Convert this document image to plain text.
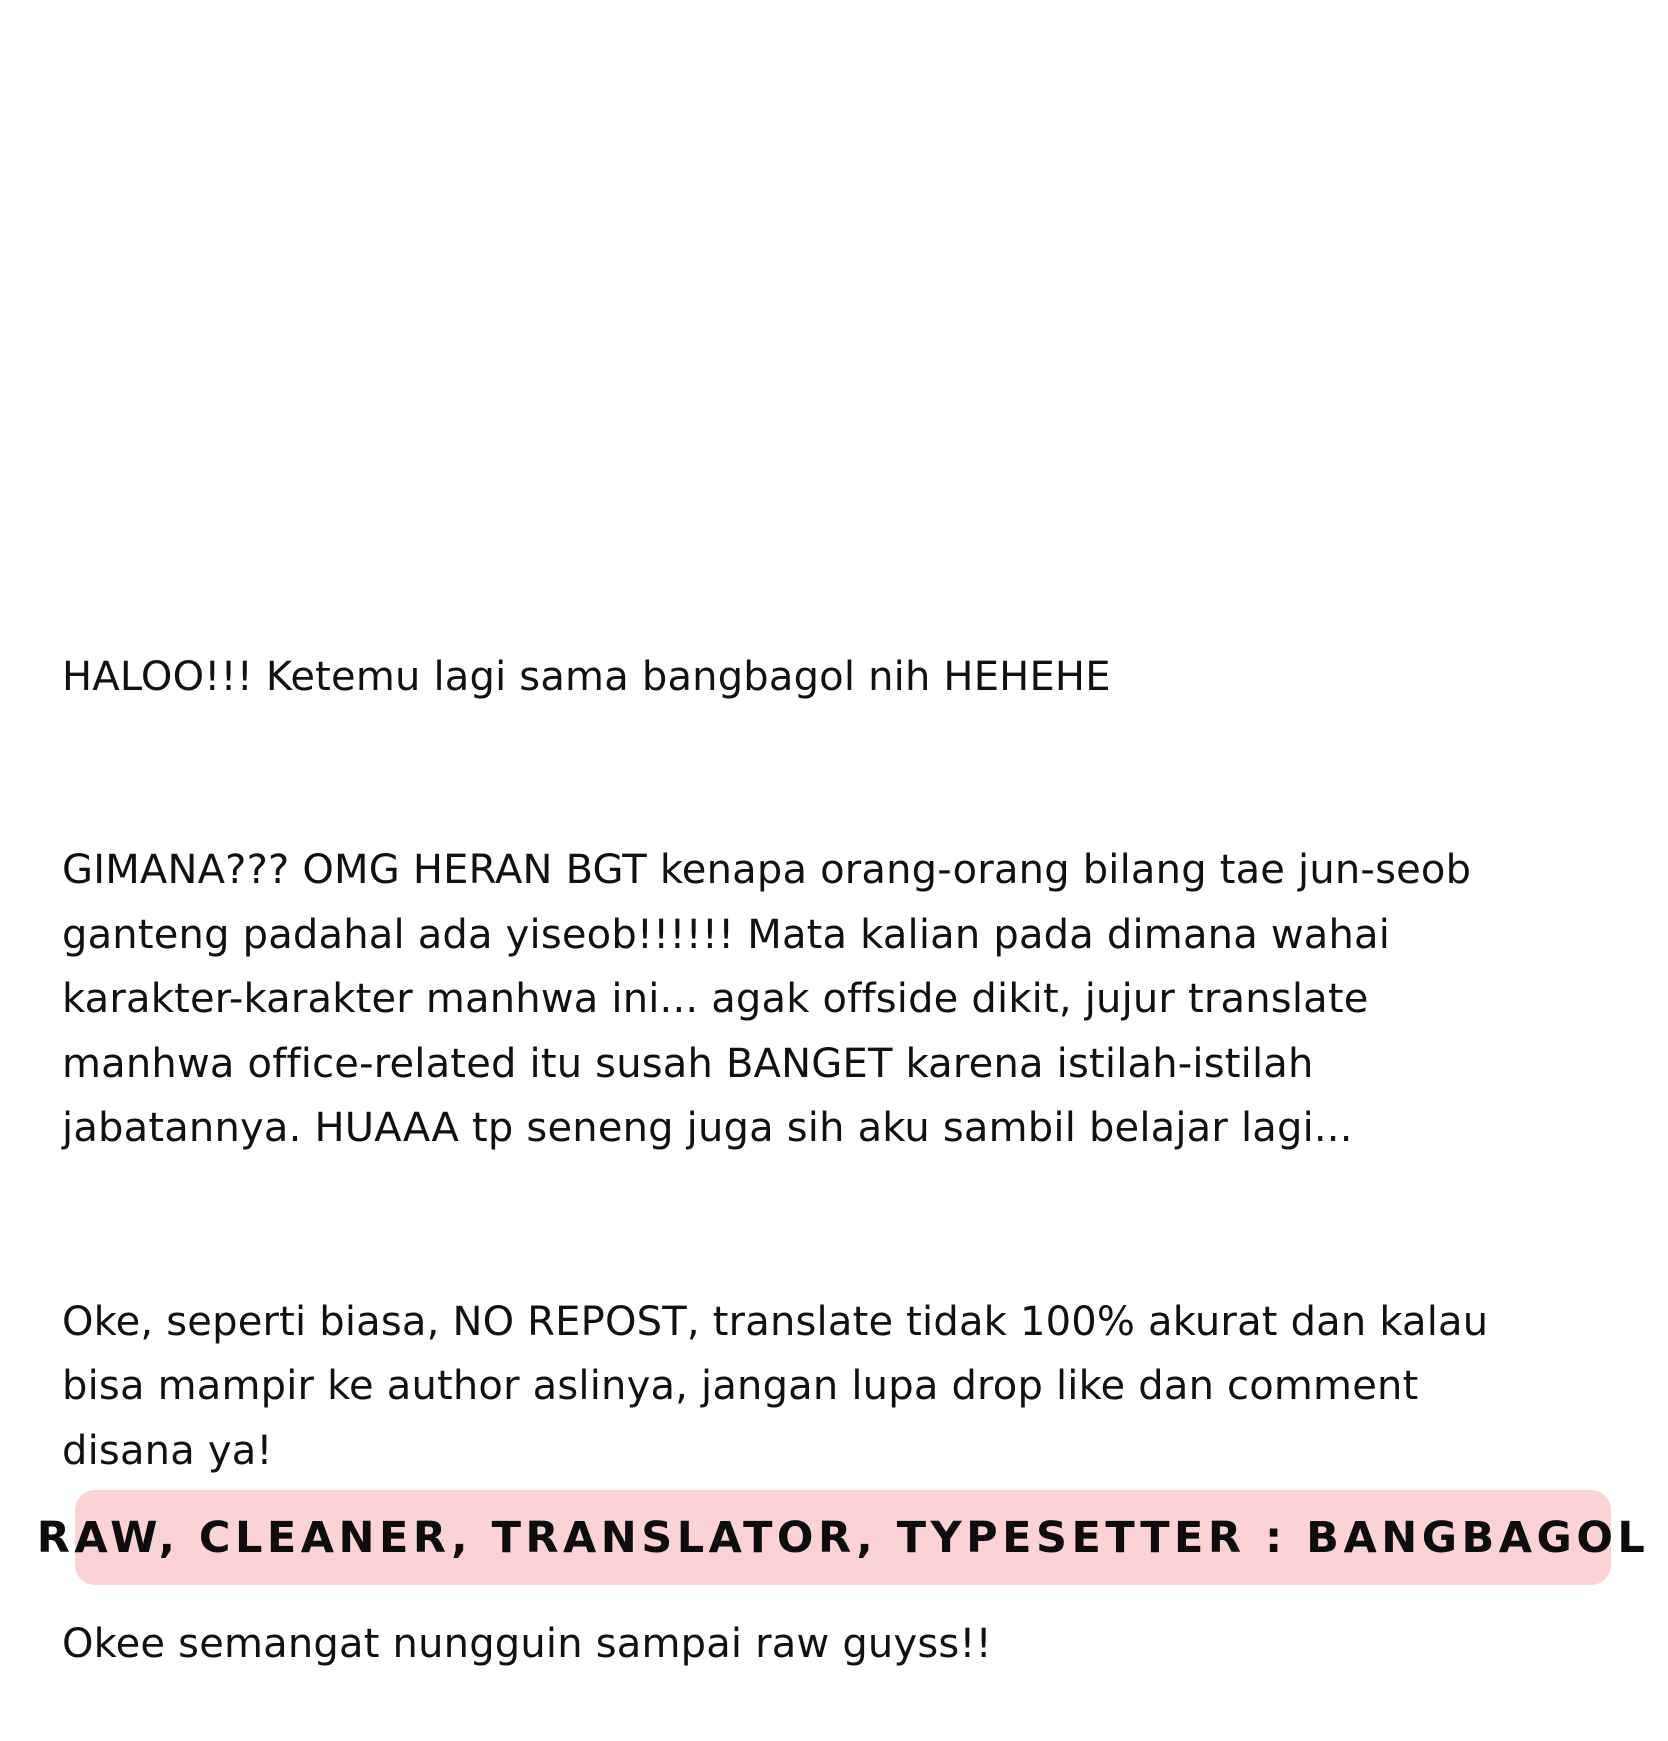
HALOO!!! Ketemu lagi sama bangbagol nih HEHEHE

GIMANA??? OMG HERAN BGT kenapa orang-orang bilang tae jun-seob
ganteng padahal ada yiseob!!!!!! Mata kalian pada dimana wahai
karakter-karakter manhwa ini... agak offside dikit, jujur translate
manhwa office-related itu susah BANGET karena istilah-istilah
jabatannya. HUAAA tp seneng juga sih aku sambil belajar lagi...

Oke, seperti biasa, NO REPOST, translate tidak 100% akurat dan kalau
bisa mampir ke author aslinya, jangan lupa drop like dan comment
disana ya!

Okee semangat nungguin sampai raw guyss!!

RAW, CLEANER, TRANSLATOR, TYPESETTER : BANGBAGOL
